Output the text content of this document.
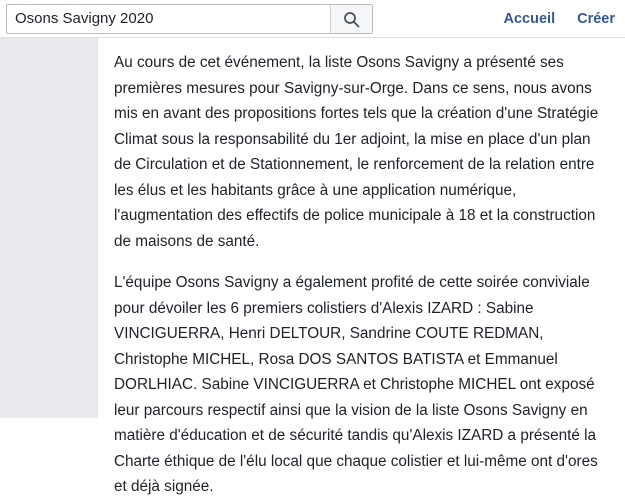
Osons Savigny 2020
Accueil Créer

Au cours de cet événement, la liste Osons Savigny a présenté ses premières mesures pour Savigny-sur-Orge. Dans ce sens, nous avons mis en avant des propositions fortes tels que la création d'une Stratégie Climat sous la responsabilité du 1er adjoint, la mise en place d'un plan de Circulation et de Stationnement, le renforcement de la relation entre les élus et les habitants grâce à une application numérique, l'augmentation des effectifs de police municipale à 18 et la construction de maisons de santé.

L'équipe Osons Savigny a également profité de cette soirée conviviale pour dévoiler les 6 premiers colistiers d'Alexis IZARD : Sabine VINCIGUERRA, Henri DELTOUR, Sandrine COUTE REDMAN, Christophe MICHEL, Rosa DOS SANTOS BATISTA et Emmanuel DORLHIAC. Sabine VINCIGUERRA et Christophe MICHEL ont exposé leur parcours respectif ainsi que la vision de la liste Osons Savigny en matière d'éducation et de sécurité tandis qu'Alexis IZARD a présenté la Charte éthique de l'élu local que chaque colistier et lui-même ont d'ores et déjà signée.
